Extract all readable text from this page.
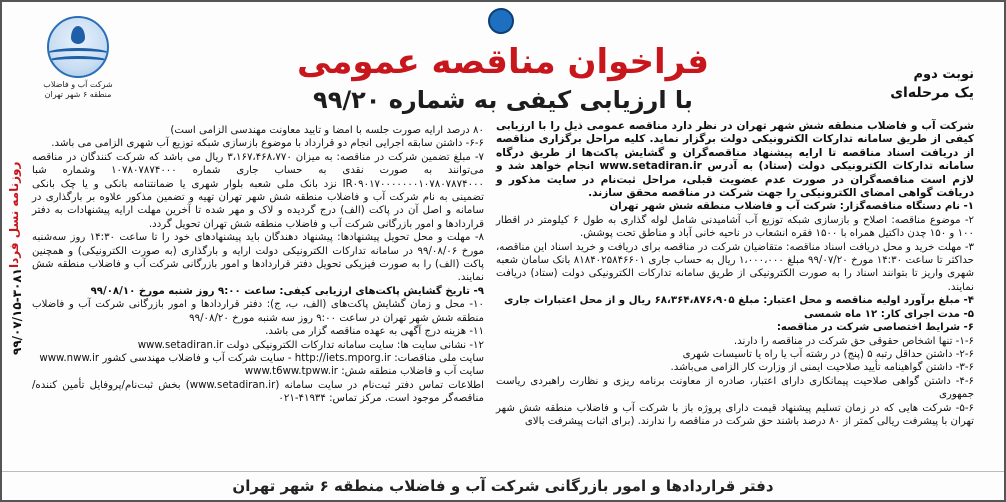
شرکت آب و فاضلاب منطقه ۶ شهر تهران
فراخوان مناقصه عمومی
با ارزیابی کیفی به شماره ۹۹/۲۰
نوبت دوم
یک مرحله‌ای

شرکت آب و فاضلاب منطقه شش شهر تهران در نظر دارد مناقصه عمومی ذیل را با ارزیابی کیفی از طریق سامانه تدارکات الکترونیکی دولت برگزار نماید. کلیه مراحل برگزاری مناقصه از دریافت اسناد مناقصه تا ارایه پیشنهاد مناقصه‌گران و گشایش پاکت‌ها از طریق درگاه سامانه تدارکات الکترونیکی دولت (ستاد) به آدرس www.setadiran.ir انجام خواهد شد و لازم است مناقصه‌گران در صورت عدم عضویت قبلی، مراحل ثبت‌نام در سایت مذکور و دریافت گواهی امضای الکترونیکی را جهت شرکت در مناقصه محقق سازند.

۱- نام دستگاه مناقصه‌گزار: شرکت آب و فاضلاب منطقه شش شهر تهران

۲- موضوع مناقصه: اصلاح و بازسازی شبکه توزیع آب آشامیدنی شامل لوله گذاری به طول ۶ کیلومتر در اقطار ۱۰۰ و ۱۵۰ چدن داکتیل همراه با ۱۵۰۰ فقره انشعاب در ناحیه خانی آباد و مناطق تحت پوشش.

۳- مهلت خرید و محل دریافت اسناد مناقصه: متقاضیان شرکت در مناقصه برای دریافت و خرید اسناد این مناقصه، حداکثر تا ساعت ۱۴:۳۰ مورخ ۹۹/۰۷/۲۰ مبلغ ۱،۰۰۰،۰۰۰ ریال به حساب جاری ۸۱۸۴۰۲۵۸۴۶۶۰۱ بانک سامان شعبه شهری واریز تا بتوانند اسناد را به صورت الکترونیکی از طریق سامانه تدارکات الکترونیکی دولت (ستاد) دریافت نمایند.

۴- مبلغ برآورد اولیه مناقصه و محل اعتبار: مبلغ ۶۸،۳۶۴،۸۷۶،۹۰۵ ریال و از محل اعتبارات جاری

۵- مدت اجرای کار: ۱۲ ماه شمسی

۶- شرایط اختصاصی شرکت در مناقصه:

۱-۶- تنها اشخاص حقوقی حق شرکت در مناقصه را دارند.

۲-۶- داشتن حداقل رتبه ۵ (پنج) در رشته آب یا راه یا تاسیسات شهری

۳-۶- داشتن گواهینامه تأیید صلاحیت ایمنی از وزارت کار الزامی می‌باشد.

۴-۶- داشتن گواهی صلاحیت پیمانکاری دارای اعتبار، صادره از معاونت برنامه ریزی و نظارت راهبردی ریاست جمهوری

۵-۶- شرکت هایی که در زمان تسلیم پیشنهاد قیمت دارای پروژه باز با شرکت آب و فاضلاب منطقه شش شهر تهران با پیشرفت ریالی کمتر از ۸۰ درصد باشند حق شرکت در مناقصه را ندارند. (برای اثبات پیشرفت بالای

۸۰ درصد ارایه صورت جلسه با امضا و تایید معاونت مهندسی الزامی است)

۶-۶- داشتن سابقه اجرایی انجام دو قرارداد با موضوع بازسازی شبکه توزیع آب شهری الزامی می باشد.

۷- مبلغ تضمین شرکت در مناقصه: به میزان ۳،۱۶۷،۴۶۸،۷۷۰ ریال می باشد که شرکت کنندگان در مناقصه می‌توانند به صورت نقدی به حساب جاری شماره ۱۰۷۸۰۷۸۷۴۰۰۰ وشماره شبا IR۰۹۰۱۷۰۰۰۰۰۰۰۱۰۷۸۰۷۸۷۴۰۰۰ نزد بانک ملی شعبه بلوار شهری یا ضمانتنامه بانکی و یا چک بانکی تضمینی به نام شرکت آب و فاضلاب منطقه شش شهر تهران تهیه و تضمین مذکور علاوه بر بارگذاری در سامانه و اصل آن در پاکت (الف) درج گردیده و لاک و مهر شده تا آخرین مهلت ارایه پیشنهادات به دفتر قراردادها و امور بازرگانی شرکت آب و فاضلاب منطقه شش تهران تحویل گردد.

۸- مهلت و محل تحویل پیشنهادها: پیشنهاد دهندگان باید پیشنهادهای خود را تا ساعت ۱۴:۳۰ روز سه‌شنبه مورخ ۹۹/۰۸/۰۶ در سامانه تدارکات الکترونیکی دولت ارایه و بارگذاری (به صورت الکترونیکی) و همچنین پاکت (الف) را به صورت فیزیکی تحویل دفتر قراردادها و امور بازرگانی شرکت آب و فاضلاب منطقه شش نمایند.

۹- تاریخ گشایش پاکت‌های ارزیابی کیفی: ساعت ۹:۰۰ روز شنبه مورخ ۹۹/۰۸/۱۰

۱۰- محل و زمان گشایش پاکت‌های (الف، ب، ج): دفتر قراردادها و امور بازرگانی شرکت آب و فاضلاب منطقه شش شهر تهران در ساعت ۹:۰۰ روز سه شنبه مورخ ۹۹/۰۸/۲۰

۱۱- هزینه درج آگهی به عهده مناقصه گزار می باشد.

۱۲- نشانی سایت ها: سایت سامانه تدارکات الکترونیکی دولت www.setadiran.ir

سایت ملی مناقصات: http://iets.mporg.ir - سایت شرکت آب و فاضلاب مهندسی کشور www.nww.ir

سایت آب و فاضلاب منطقه شش: www.t6ww.tpww.ir

اطلاعات تماس دفتر ثبت‌نام در سایت سامانه (www.setadiran.ir) بخش ثبت‌نام/پروفایل تأمین کننده/ مناقصه‌گر موجود است. مرکز تماس: ۴۱۹۳۴-۰۲۱

روزنامه نسل فردا
۹۹/۰۷/۱۵-۳۰۸۱
دفتر قراردادها و امور بازرگانی شرکت آب و فاضلاب منطقه ۶ شهر تهران
